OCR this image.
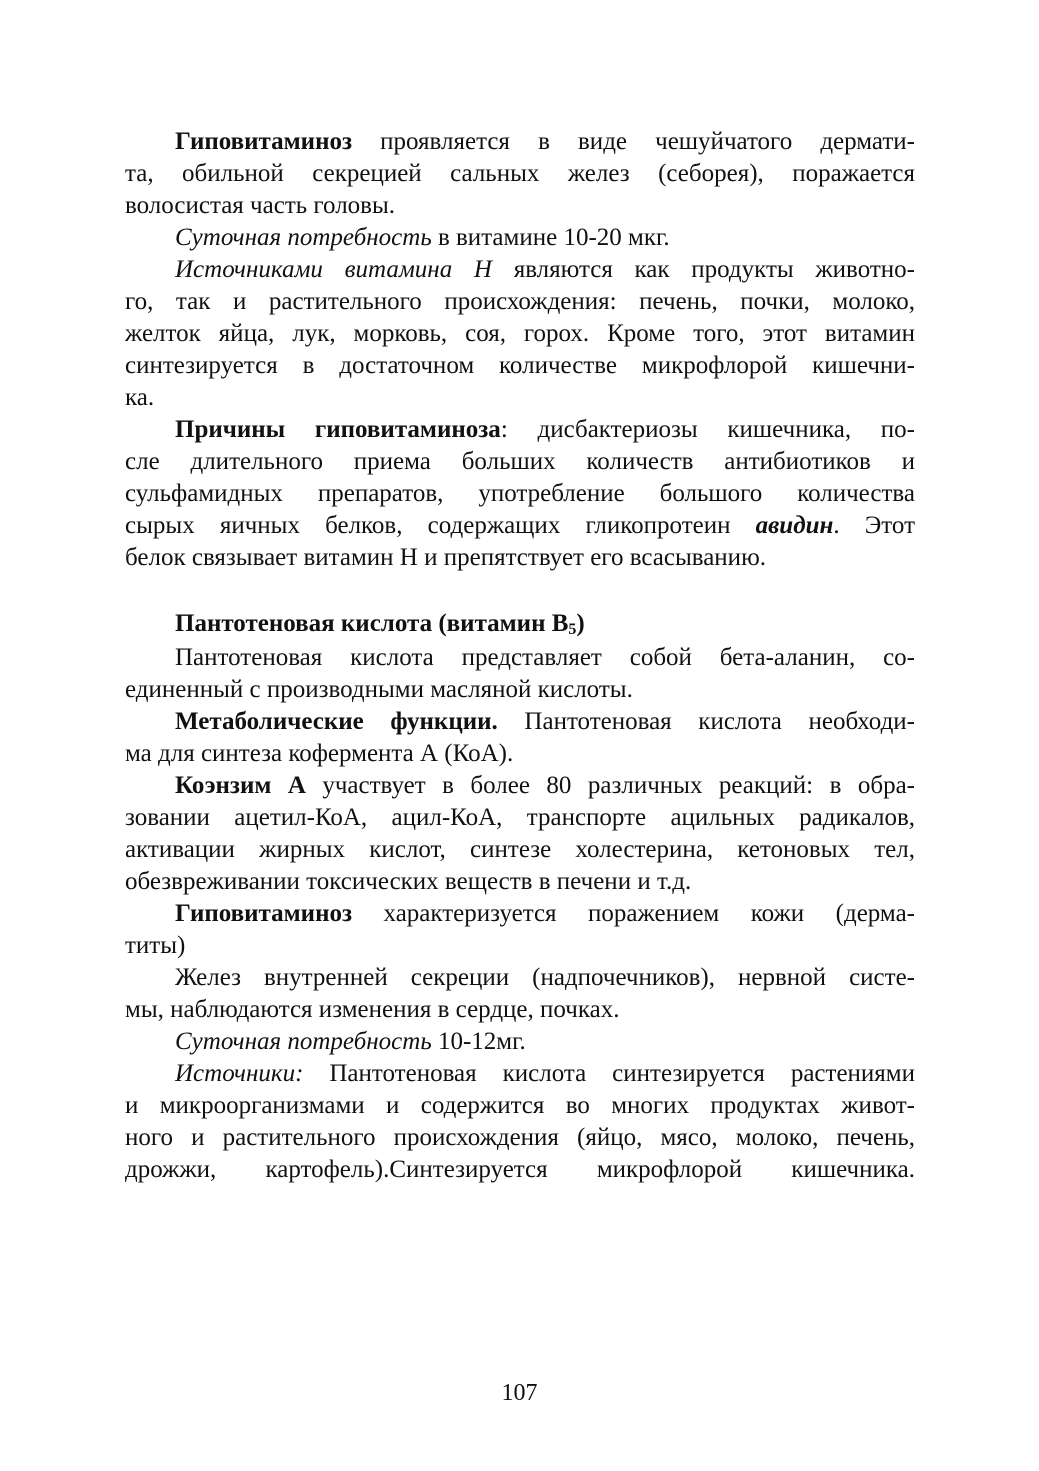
Гиповитаминоз проявляется в виде чешуйчатого дермати-
та, обильной секрецией сальных желез (себорея), поражается
волосистая часть головы.
Суточная потребность в витамине 10-20 мкг.
Источниками витамина Н являются как продукты животно-
го, так и растительного происхождения: печень, почки, молоко,
желток яйца, лук, морковь, соя, горох. Кроме того, этот витамин
синтезируется в достаточном количестве микрофлорой кишечни-
ка.
Причины гиповитаминоза: дисбактериозы кишечника, по-
сле длительного приема больших количеств антибиотиков и
сульфамидных препаратов, употребление большого количества
сырых яичных белков, содержащих гликопротеин авидин. Этот
белок связывает витамин Н и препятствует его всасыванию.
Пантотеновая кислота (витамин $В_5$)
Пантотеновая кислота представляет собой бета-аланин, со-
единенный с производными масляной кислоты.
Метаболические функции. Пантотеновая кислота необходи-
ма для синтеза кофермента А (КоА).
Коэнзим А участвует в более 80 различных реакций: в обра-
зовании ацетил-КоА, ацил-КоА, транспорте ацильных радикалов,
активации жирных кислот, синтезе холестерина, кетоновых тел,
обезвреживании токсических веществ в печени и т.д.
Гиповитаминоз характеризуется поражением кожи (дерма-
титы)
Желез внутренней секреции (надпочечников), нервной систе-
мы, наблюдаются изменения в сердце, почках.
Суточная потребность 10-12мг.
Источники: Пантотеновая кислота синтезируется растениями
и микроорганизмами и содержится во многих продуктах живот-
ного и растительного происхождения (яйцо, мясо, молоко, печень,
дрожжи, картофель).Синтезируется микрофлорой кишечника.
107
